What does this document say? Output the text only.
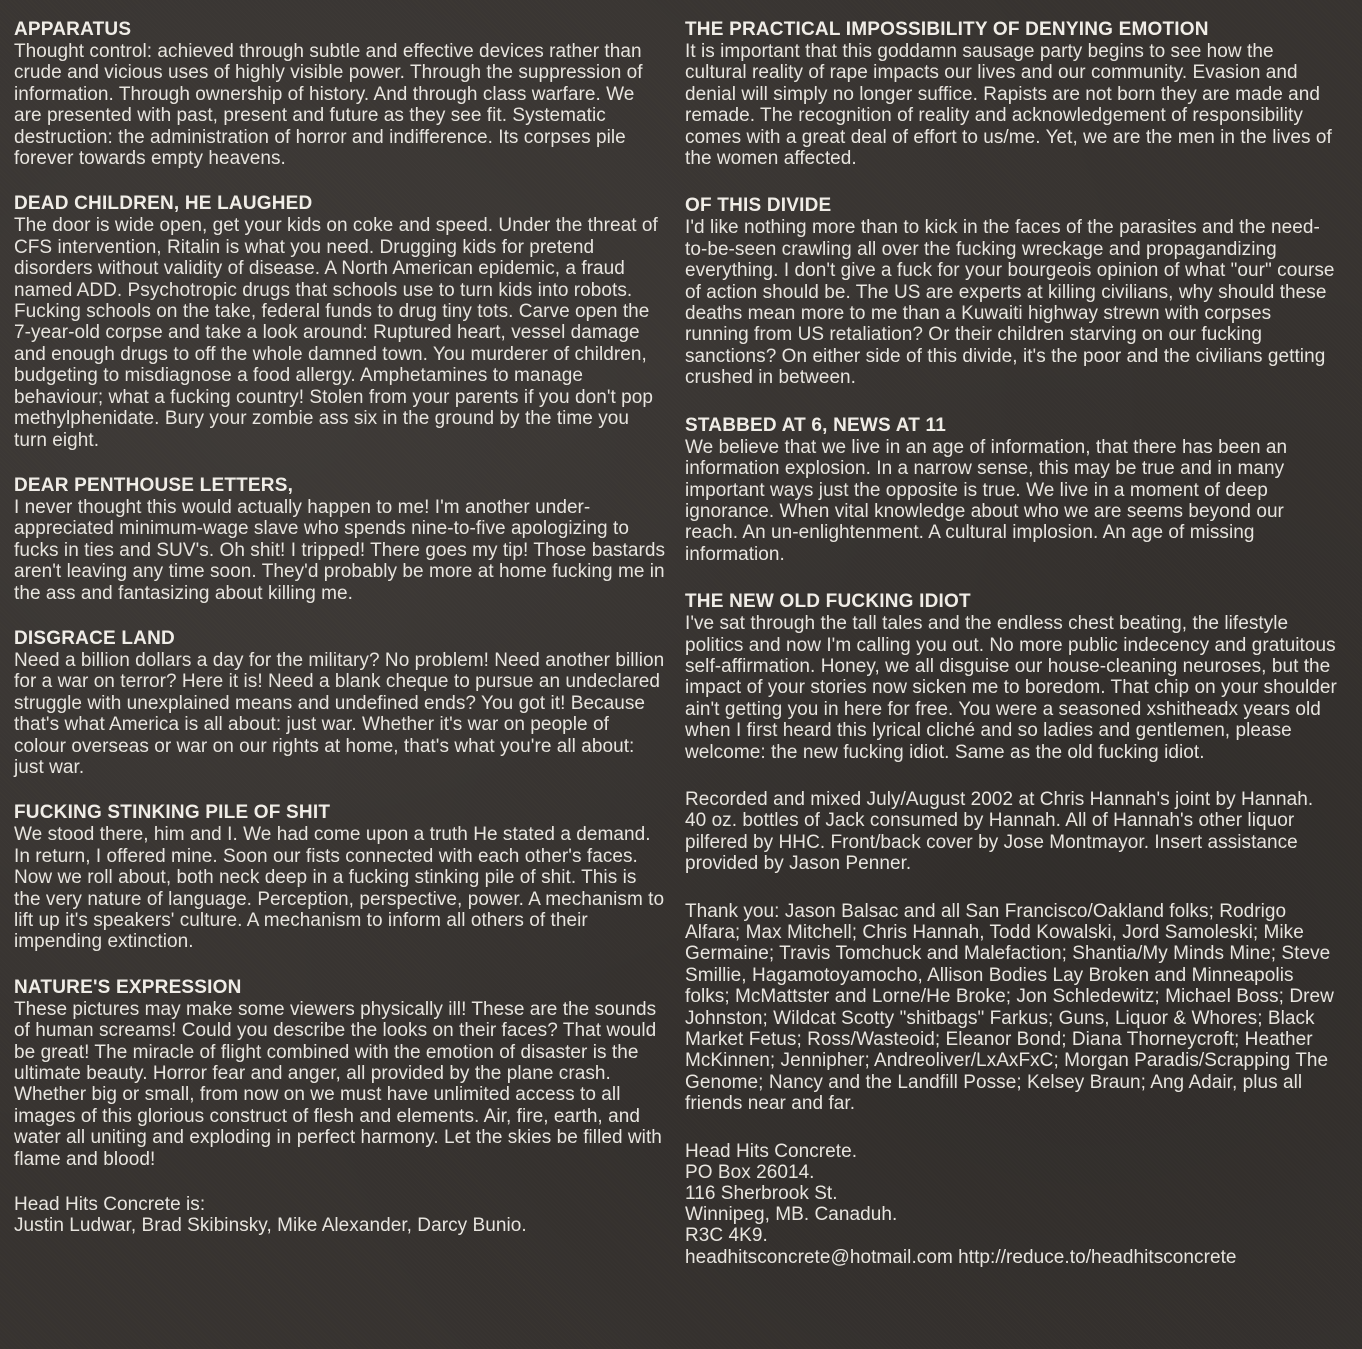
APPARATUS

Thought control: achieved through subtle and effective devices rather than crude and vicious uses of highly visible power. Through the suppression of information. Through ownership of history. And through class warfare. We are presented with past, present and future as they see fit. Systematic destruction: the administration of horror and indifference. Its corpses pile forever towards empty heavens.

DEAD CHILDREN, HE LAUGHED

The door is wide open, get your kids on coke and speed. Under the threat of CFS intervention, Ritalin is what you need. Drugging kids for pretend disorders without validity of disease. A North American epidemic, a fraud named ADD. Psychotropic drugs that schools use to turn kids into robots. Fucking schools on the take, federal funds to drug tiny tots. Carve open the 7-year-old corpse and take a look around: Ruptured heart, vessel damage and enough drugs to off the whole damned town. You murderer of children, budgeting to misdiagnose a food allergy. Amphetamines to manage behaviour; what a fucking country! Stolen from your parents if you don't pop methylphenidate. Bury your zombie ass six in the ground by the time you turn eight.

DEAR PENTHOUSE LETTERS,

I never thought this would actually happen to me! I'm another under-appreciated minimum-wage slave who spends nine-to-five apologizing to fucks in ties and SUV's. Oh shit! I tripped! There goes my tip! Those bastards aren't leaving any time soon. They'd probably be more at home fucking me in the ass and fantasizing about killing me.

DISGRACE LAND

Need a billion dollars a day for the military? No problem! Need another billion for a war on terror? Here it is! Need a blank cheque to pursue an undeclared struggle with unexplained means and undefined ends? You got it! Because that's what America is all about: just war. Whether it's war on people of colour overseas or war on our rights at home, that's what you're all about: just war.

FUCKING STINKING PILE OF SHIT

We stood there, him and I. We had come upon a truth He stated a demand. In return, I offered mine. Soon our fists connected with each other's faces. Now we roll about, both neck deep in a fucking stinking pile of shit. This is the very nature of language. Perception, perspective, power. A mechanism to lift up it's speakers' culture. A mechanism to inform all others of their impending extinction.

NATURE'S EXPRESSION

These pictures may make some viewers physically ill! These are the sounds of human screams! Could you describe the looks on their faces? That would be great! The miracle of flight combined with the emotion of disaster is the ultimate beauty. Horror fear and anger, all provided by the plane crash. Whether big or small, from now on we must have unlimited access to all images of this glorious construct of flesh and elements. Air, fire, earth, and water all uniting and exploding in perfect harmony. Let the skies be filled with flame and blood!

Head Hits Concrete is:
Justin Ludwar, Brad Skibinsky, Mike Alexander, Darcy Bunio.

THE PRACTICAL IMPOSSIBILITY OF DENYING EMOTION

It is important that this goddamn sausage party begins to see how the cultural reality of rape impacts our lives and our community. Evasion and denial will simply no longer suffice. Rapists are not born they are made and remade. The recognition of reality and acknowledgement of responsibility comes with a great deal of effort to us/me. Yet, we are the men in the lives of the women affected.

OF THIS DIVIDE

I'd like nothing more than to kick in the faces of the parasites and the need-to-be-seen crawling all over the fucking wreckage and propagandizing everything. I don't give a fuck for your bourgeois opinion of what "our" course of action should be. The US are experts at killing civilians, why should these deaths mean more to me than a Kuwaiti highway strewn with corpses running from US retaliation? Or their children starving on our fucking sanctions? On either side of this divide, it's the poor and the civilians getting crushed in between.

STABBED AT 6, NEWS AT 11

We believe that we live in an age of information, that there has been an information explosion. In a narrow sense, this may be true and in many important ways just the opposite is true. We live in a moment of deep ignorance. When vital knowledge about who we are seems beyond our reach. An un-enlightenment. A cultural implosion. An age of missing information.

THE NEW OLD FUCKING IDIOT

I've sat through the tall tales and the endless chest beating, the lifestyle politics and now I'm calling you out. No more public indecency and gratuitous self-affirmation. Honey, we all disguise our house-cleaning neuroses, but the impact of your stories now sicken me to boredom. That chip on your shoulder ain't getting you in here for free. You were a seasoned xshitheadx years old when I first heard this lyrical cliché and so ladies and gentlemen, please welcome: the new fucking idiot. Same as the old fucking idiot.

Recorded and mixed July/August 2002 at Chris Hannah's joint by Hannah. 40 oz. bottles of Jack consumed by Hannah. All of Hannah's other liquor pilfered by HHC. Front/back cover by Jose Montmayor. Insert assistance provided by Jason Penner.

Thank you: Jason Balsac and all San Francisco/Oakland folks; Rodrigo Alfara; Max Mitchell; Chris Hannah, Todd Kowalski, Jord Samoleski; Mike Germaine; Travis Tomchuck and Malefaction; Shantia/My Minds Mine; Steve Smillie, Hagamotoyamocho, Allison Bodies Lay Broken and Minneapolis folks; McMattster and Lorne/He Broke; Jon Schledewitz; Michael Boss; Drew Johnston; Wildcat Scotty "shitbags" Farkus; Guns, Liquor & Whores; Black Market Fetus; Ross/Wasteoid; Eleanor Bond; Diana Thorneycroft; Heather McKinnen; Jennipher; Andreoliver/LxAxFxC; Morgan Paradis/Scrapping The Genome; Nancy and the Landfill Posse; Kelsey Braun; Ang Adair, plus all friends near and far.

Head Hits Concrete.
PO Box 26014.
116 Sherbrook St.
Winnipeg, MB. Canaduh.
R3C 4K9.
headhitsconcrete@hotmail.com http://reduce.to/headhitsconcrete
